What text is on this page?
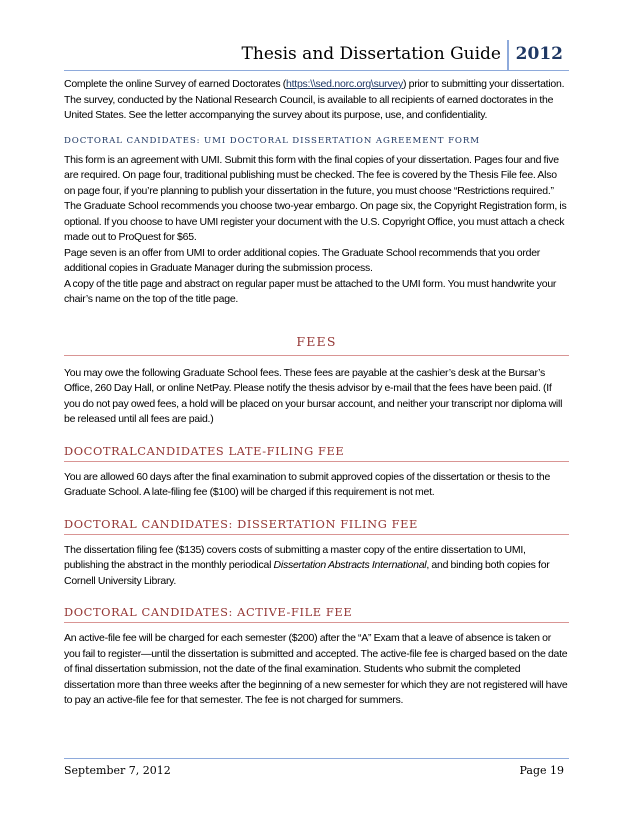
Thesis and Dissertation Guide 2012

Complete the online Survey of earned Doctorates (https:\\sed.norc.org\survey) prior to submitting your dissertation. The survey, conducted by the National Research Council, is available to all recipients of earned doctorates in the United States. See the letter accompanying the survey about its purpose, use, and confidentiality.

DOCTORAL CANDIDATES: UMI DOCTORAL DISSERTATION AGREEMENT FORM

This form is an agreement with UMI. Submit this form with the final copies of your dissertation. Pages four and five are required. On page four, traditional publishing must be checked. The fee is covered by the Thesis File fee. Also on page four, if you’re planning to publish your dissertation in the future, you must choose “Restrictions required.” The Graduate School recommends you choose two-year embargo. On page six, the Copyright Registration form, is optional. If you choose to have UMI register your document with the U.S. Copyright Office, you must attach a check made out to ProQuest for $65.

Page seven is an offer from UMI to order additional copies. The Graduate School recommends that you order additional copies in Graduate Manager during the submission process.

A copy of the title page and abstract on regular paper must be attached to the UMI form. You must handwrite your chair’s name on the top of the title page.

FEES

You may owe the following Graduate School fees. These fees are payable at the cashier’s desk at the Bursar’s Office, 260 Day Hall, or online NetPay. Please notify the thesis advisor by e-mail that the fees have been paid. (If you do not pay owed fees, a hold will be placed on your bursar account, and neither your transcript nor diploma will be released until all fees are paid.)

DOCOTRALCANDIDATES LATE-FILING FEE

You are allowed 60 days after the final examination to submit approved copies of the dissertation or thesis to the Graduate School. A late-filing fee ($100) will be charged if this requirement is not met.

DOCTORAL CANDIDATES: DISSERTATION FILING FEE

The dissertation filing fee ($135) covers costs of submitting a master copy of the entire dissertation to UMI, publishing the abstract in the monthly periodical Dissertation Abstracts International, and binding both copies for Cornell University Library.

DOCTORAL CANDIDATES: ACTIVE-FILE FEE

An active-file fee will be charged for each semester ($200) after the “A” Exam that a leave of absence is taken or you fail to register—until the dissertation is submitted and accepted. The active-file fee is charged based on the date of final dissertation submission, not the date of the final examination. Students who submit the completed dissertation more than three weeks after the beginning of a new semester for which they are not registered will have to pay an active-file fee for that semester. The fee is not charged for summers.

September 7, 2012	Page 19
